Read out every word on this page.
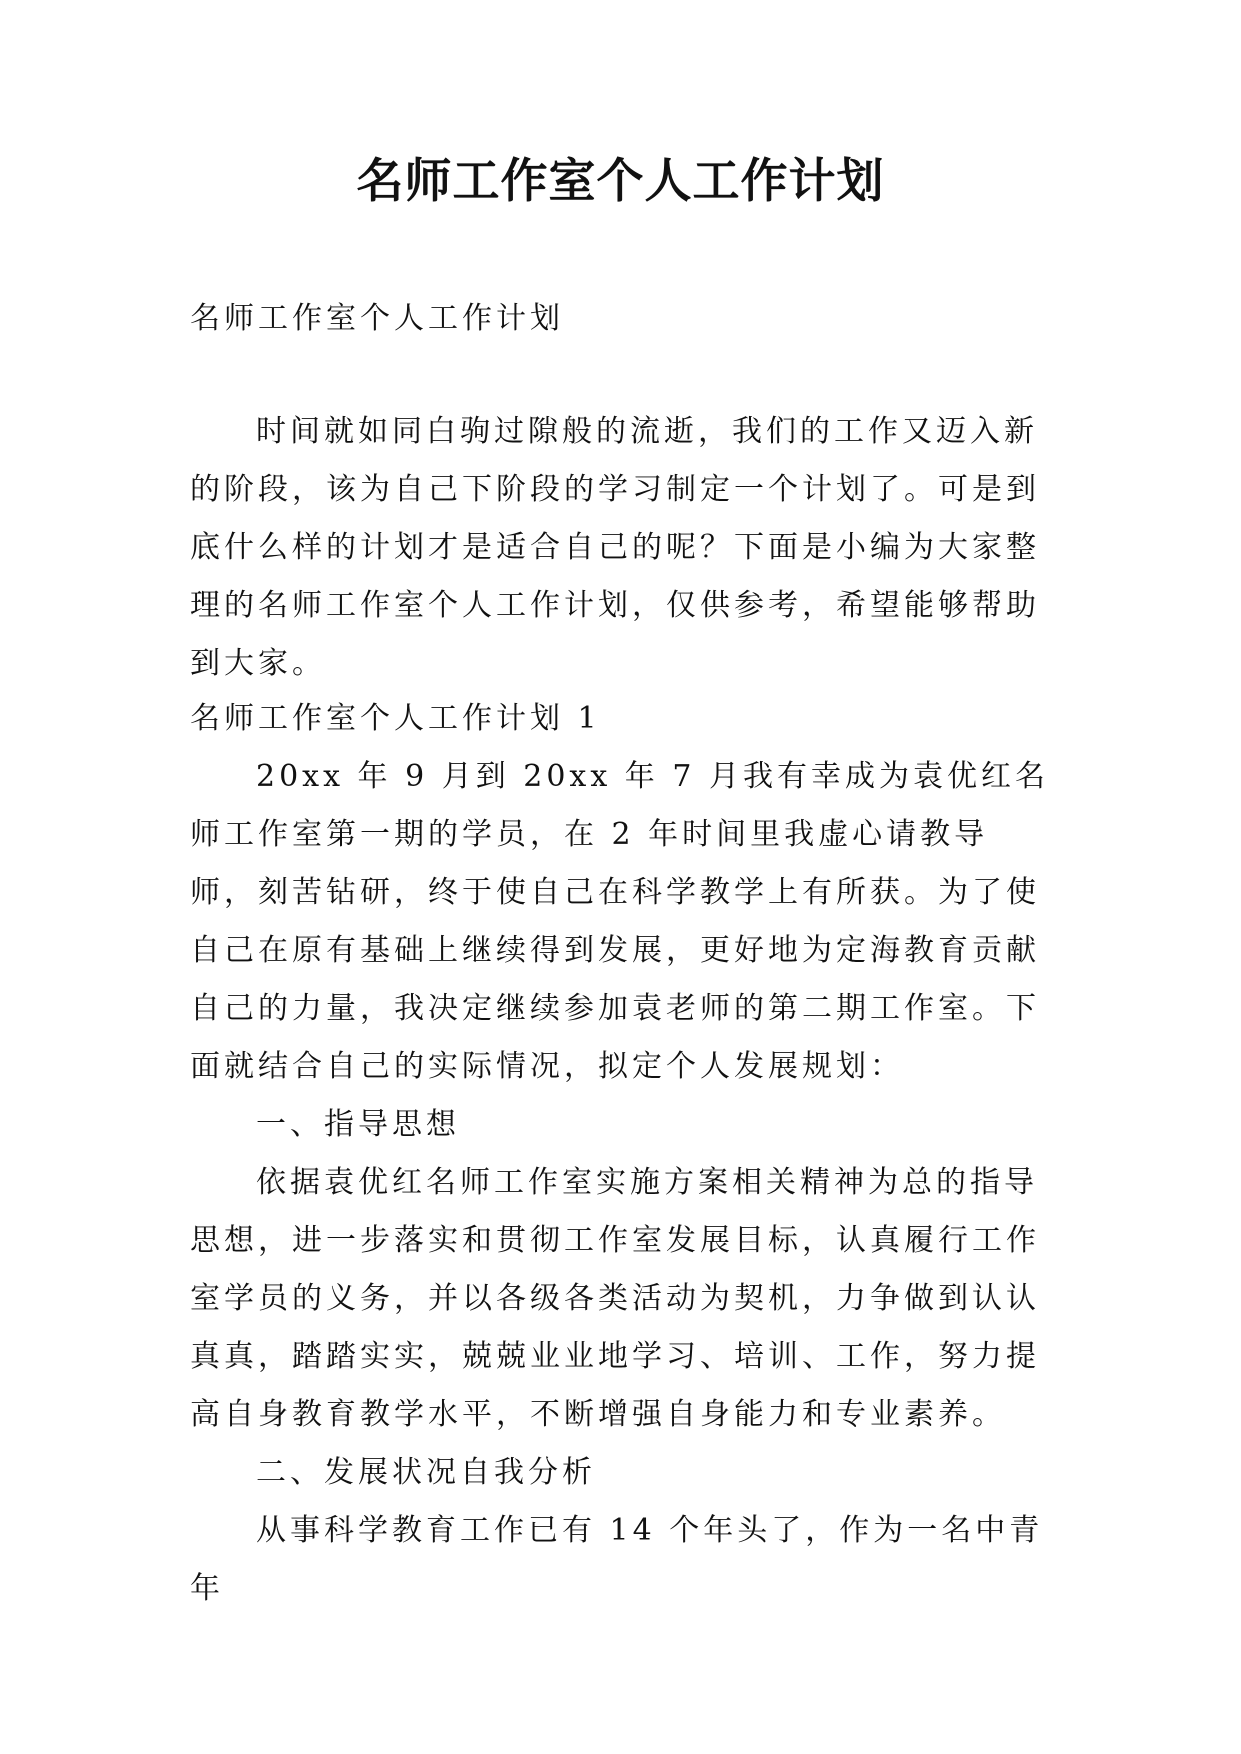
名师工作室个人工作计划

名师工作室个人工作计划

时间就如同白驹过隙般的流逝，我们的工作又迈入新的阶段，该为自己下阶段的学习制定一个计划了。可是到底什么样的计划才是适合自己的呢？下面是小编为大家整理的名师工作室个人工作计划，仅供参考，希望能够帮助到大家。

名师工作室个人工作计划 1

20xx 年 9 月到 20xx 年 7 月我有幸成为袁优红名师工作室第一期的学员，在 2 年时间里我虚心请教导师，刻苦钻研，终于使自己在科学教学上有所获。为了使自己在原有基础上继续得到发展，更好地为定海教育贡献自己的力量，我决定继续参加袁老师的第二期工作室。下面就结合自己的实际情况，拟定个人发展规划：

一、指导思想

依据袁优红名师工作室实施方案相关精神为总的指导思想，进一步落实和贯彻工作室发展目标，认真履行工作室学员的义务，并以各级各类活动为契机，力争做到认认真真，踏踏实实，兢兢业业地学习、培训、工作，努力提高自身教育教学水平，不断增强自身能力和专业素养。

二、发展状况自我分析

从事科学教育工作已有 14 个年头了，作为一名中青年
